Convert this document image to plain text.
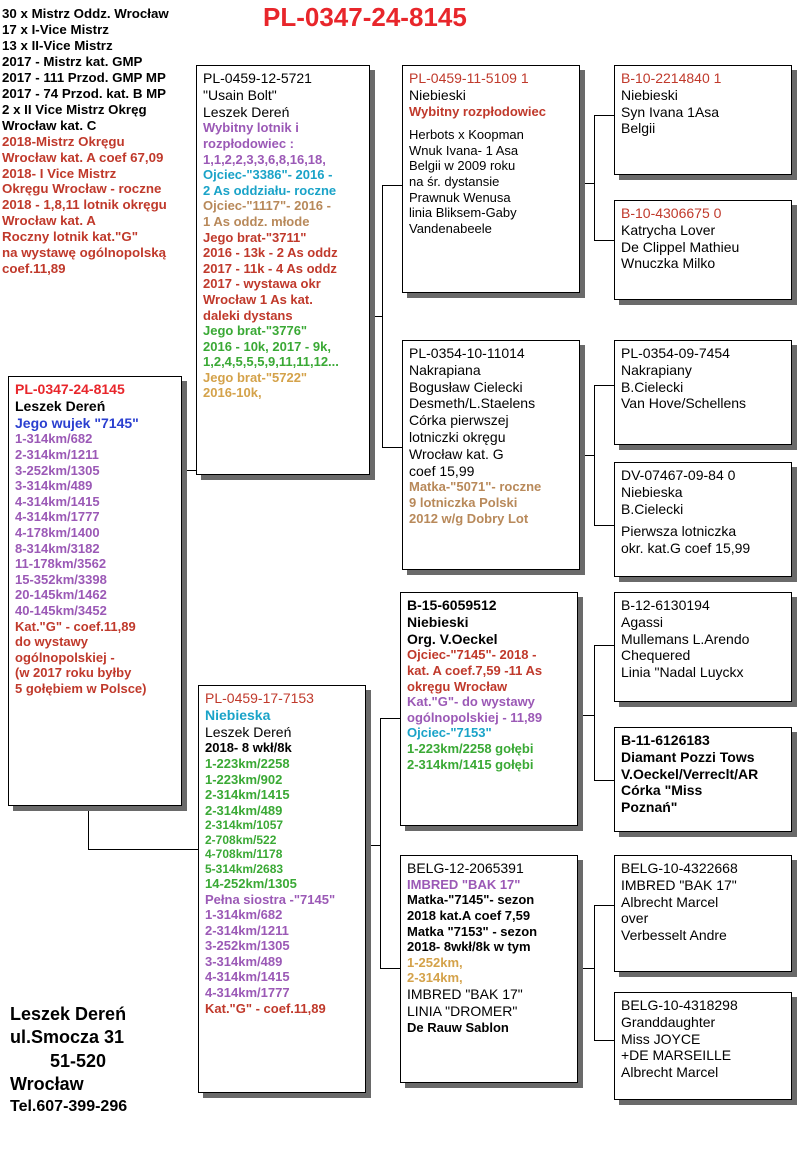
PL-0347-24-8145
30 x Mistrz Oddz. Wrocław
17 x I-Vice Mistrz
13 x II-Vice Mistrz
2017 - Mistrz kat. GMP
2017 - 111 Przod. GMP MP
2017 - 74 Przod. kat. B MP
2 x II Vice Mistrz Okręg
Wrocław kat. C
2018-Mistrz Okręgu
Wrocław kat. A coef 67,09
2018- I Vice Mistrz
Okręgu Wrocław - roczne
2018 - 1,8,11 lotnik okręgu
Wrocław kat. A
Roczny lotnik kat."G"
na wystawę ogólnopolską
coef.11,89
PL-0347-24-8145
Leszek Dereń
Jego wujek "7145"
1-314km/682
2-314km/1211
3-252km/1305
3-314km/489
4-314km/1415
4-314km/1777
4-178km/1400
8-314km/3182
11-178km/3562
15-352km/3398
20-145km/1462
40-145km/3452
Kat."G" - coef.11,89
do wystawy
ogólnopolskiej -
(w 2017 roku byłby
5 gołębiem w Polsce)
PL-0459-12-5721
"Usain Bolt"
Leszek Dereń
Wybitny lotnik i
rozpłodowiec :
1,1,2,2,3,3,6,8,16,18,
Ojciec-"3386"- 2016 -
2 As oddziału- roczne
Ojciec-"1117"- 2016 -
1 As oddz. młode
Jego brat-"3711"
2016 - 13k - 2 As oddz
2017 - 11k - 4 As oddz
2017 - wystawa okr
Wrocław 1 As kat.
daleki dystans
Jego brat-"3776"
2016 - 10k, 2017 - 9k,
1,2,4,5,5,5,9,11,11,12...
Jego brat-"5722"
2016-10k,
PL-0459-17-7153
Niebieska
Leszek Dereń
2018- 8 wkł/8k
1-223km/2258
1-223km/902
2-314km/1415
2-314km/489
2-314km/1057
2-708km/522
4-708km/1178
5-314km/2683
14-252km/1305
Pełna siostra -"7145"
1-314km/682
2-314km/1211
3-252km/1305
3-314km/489
4-314km/1415
4-314km/1777
Kat."G" - coef.11,89
PL-0459-11-5109 1
Niebieski
Wybitny rozpłodowiec
Herbots x Koopman
Wnuk Ivana- 1 Asa
Belgii w 2009 roku
na śr. dystansie
Prawnuk Wenusa
linia Bliksem-Gaby
Vandenabeele
PL-0354-10-11014
Nakrapiana
Bogusław Cielecki
Desmeth/L.Staelens
Córka pierwszej
lotniczki okręgu
Wrocław kat. G
coef 15,99
Matka-"5071"- roczne
9 lotniczka Polski
2012 w/g Dobry Lot
B-15-6059512
Niebieski
Org. V.Oeckel
Ojciec-"7145"- 2018 -
kat. A coef.7,59 -11 As
okręgu Wrocław
Kat."G"- do wystawy
ogólnopolskiej - 11,89
Ojciec-"7153"
1-223km/2258 gołębi
2-314km/1415 gołębi
BELG-12-2065391
IMBRED "BAK 17"
Matka-"7145"- sezon
2018 kat.A coef 7,59
Matka "7153" - sezon
2018- 8wkł/8k w tym
1-252km,
2-314km,
IMBRED "BAK 17"
LINIA "DROMER"
De Rauw Sablon
B-10-2214840 1
Niebieski
Syn Ivana 1Asa
Belgii
B-10-4306675 0
Katrycha Lover
De Clippel Mathieu
Wnuczka Milko
PL-0354-09-7454
Nakrapiany
B.Cielecki
Van Hove/Schellens
DV-07467-09-84 0
Niebieska
B.Cielecki
Pierwsza lotniczka
okr. kat.G coef 15,99
B-12-6130194
Agassi
Mullemans L.Arendo
Chequered
Linia "Nadal Luyckx
B-11-6126183
Diamant Pozzi Tows
V.Oeckel/Verreclt/AR
Córka "Miss
Poznań"
BELG-10-4322668
IMBRED "BAK 17"
Albrecht Marcel
over
Verbesselt Andre
BELG-10-4318298
Granddaughter
Miss JOYCE
+DE MARSEILLE
Albrecht Marcel
Leszek Dereń
ul.Smocza 31
51-520
Wrocław
Tel.607-399-296
